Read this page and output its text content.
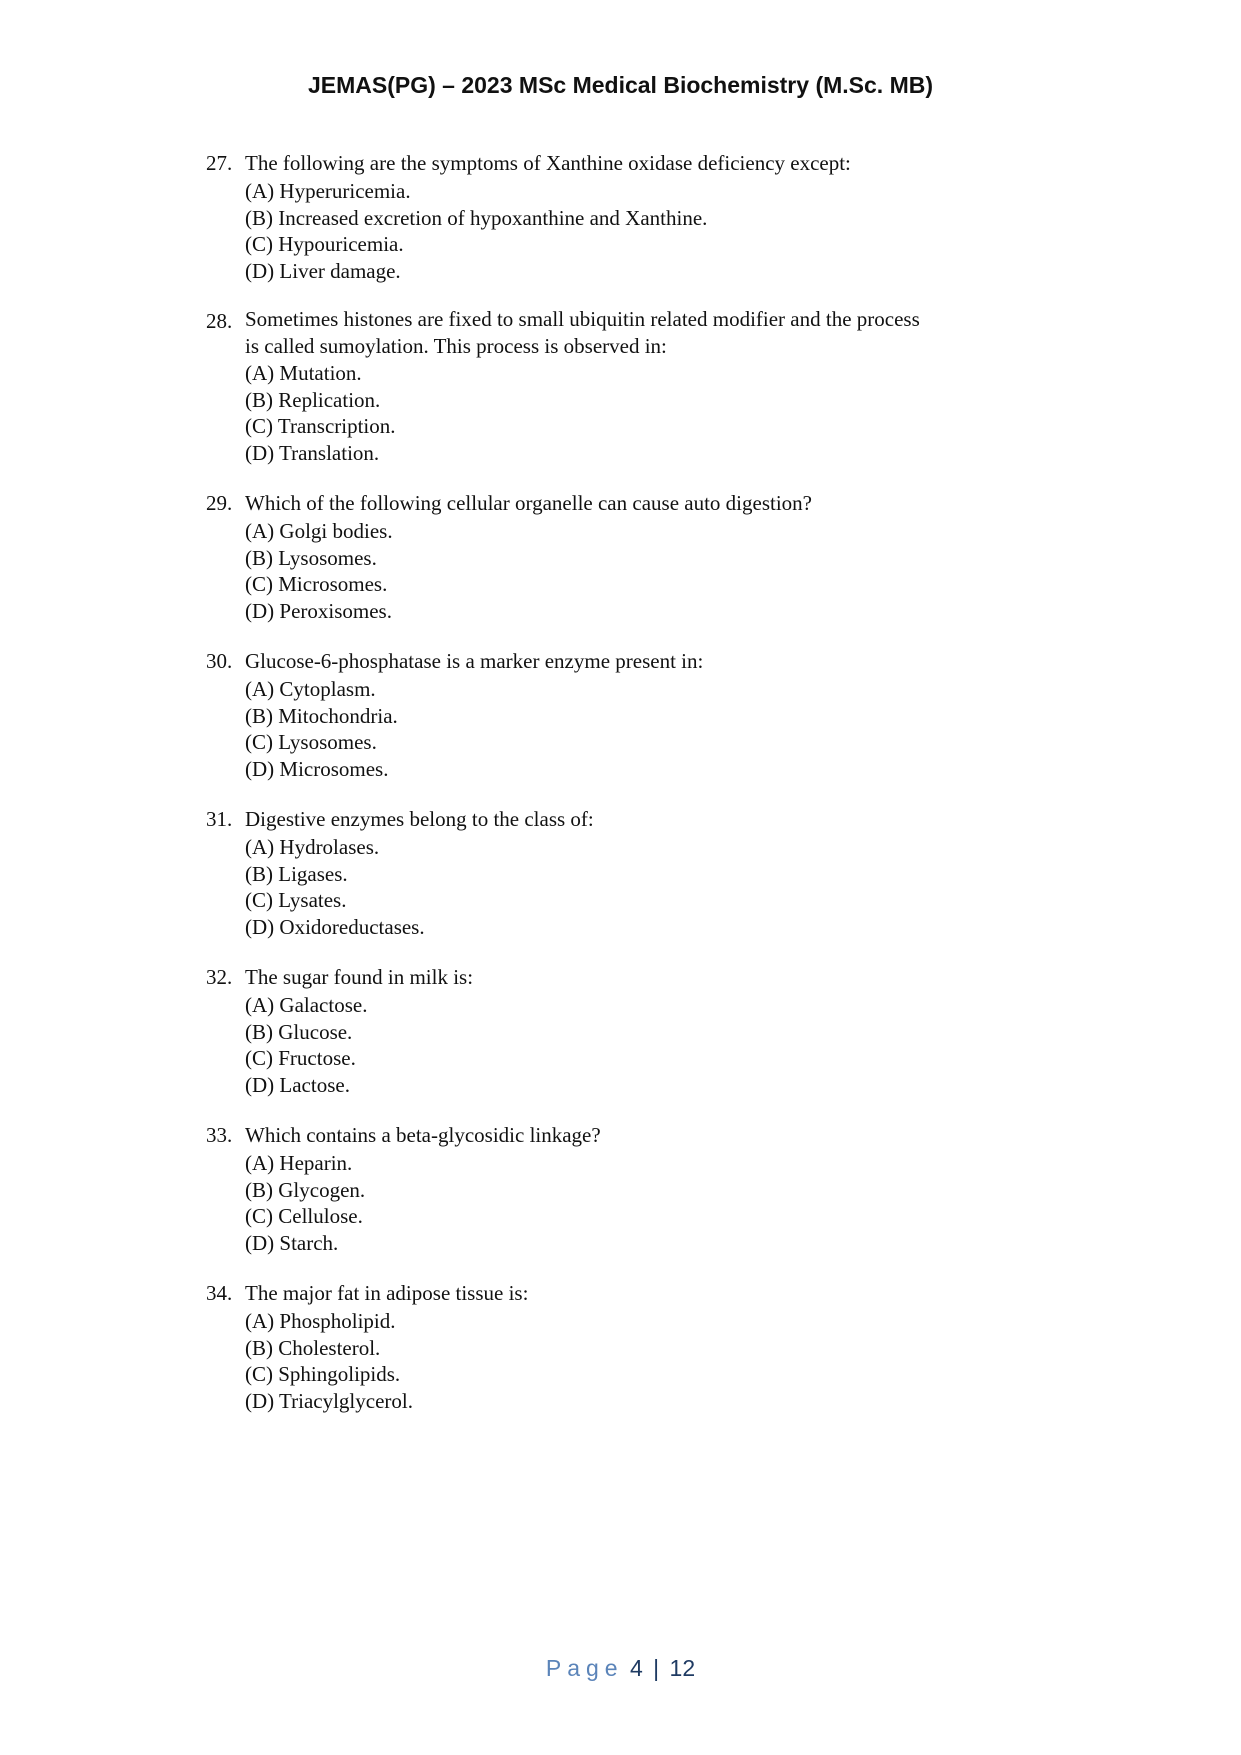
JEMAS(PG) – 2023 MSc Medical Biochemistry (M.Sc. MB)
27. The following are the symptoms of Xanthine oxidase deficiency except:
(A) Hyperuricemia.
(B) Increased excretion of hypoxanthine and Xanthine.
(C) Hypouricemia.
(D) Liver damage.
28. Sometimes histones are fixed to small ubiquitin related modifier and the process is called sumoylation. This process is observed in:
(A) Mutation.
(B) Replication.
(C) Transcription.
(D) Translation.
29. Which of the following cellular organelle can cause auto digestion?
(A) Golgi bodies.
(B) Lysosomes.
(C) Microsomes.
(D) Peroxisomes.
30. Glucose-6-phosphatase is a marker enzyme present in:
(A) Cytoplasm.
(B) Mitochondria.
(C) Lysosomes.
(D) Microsomes.
31. Digestive enzymes belong to the class of:
(A) Hydrolases.
(B) Ligases.
(C) Lysates.
(D) Oxidoreductases.
32. The sugar found in milk is:
(A) Galactose.
(B) Glucose.
(C) Fructose.
(D) Lactose.
33. Which contains a beta-glycosidic linkage?
(A) Heparin.
(B) Glycogen.
(C) Cellulose.
(D) Starch.
34. The major fat in adipose tissue is:
(A) Phospholipid.
(B) Cholesterol.
(C) Sphingolipids.
(D) Triacylglycerol.
Page 4 | 12
